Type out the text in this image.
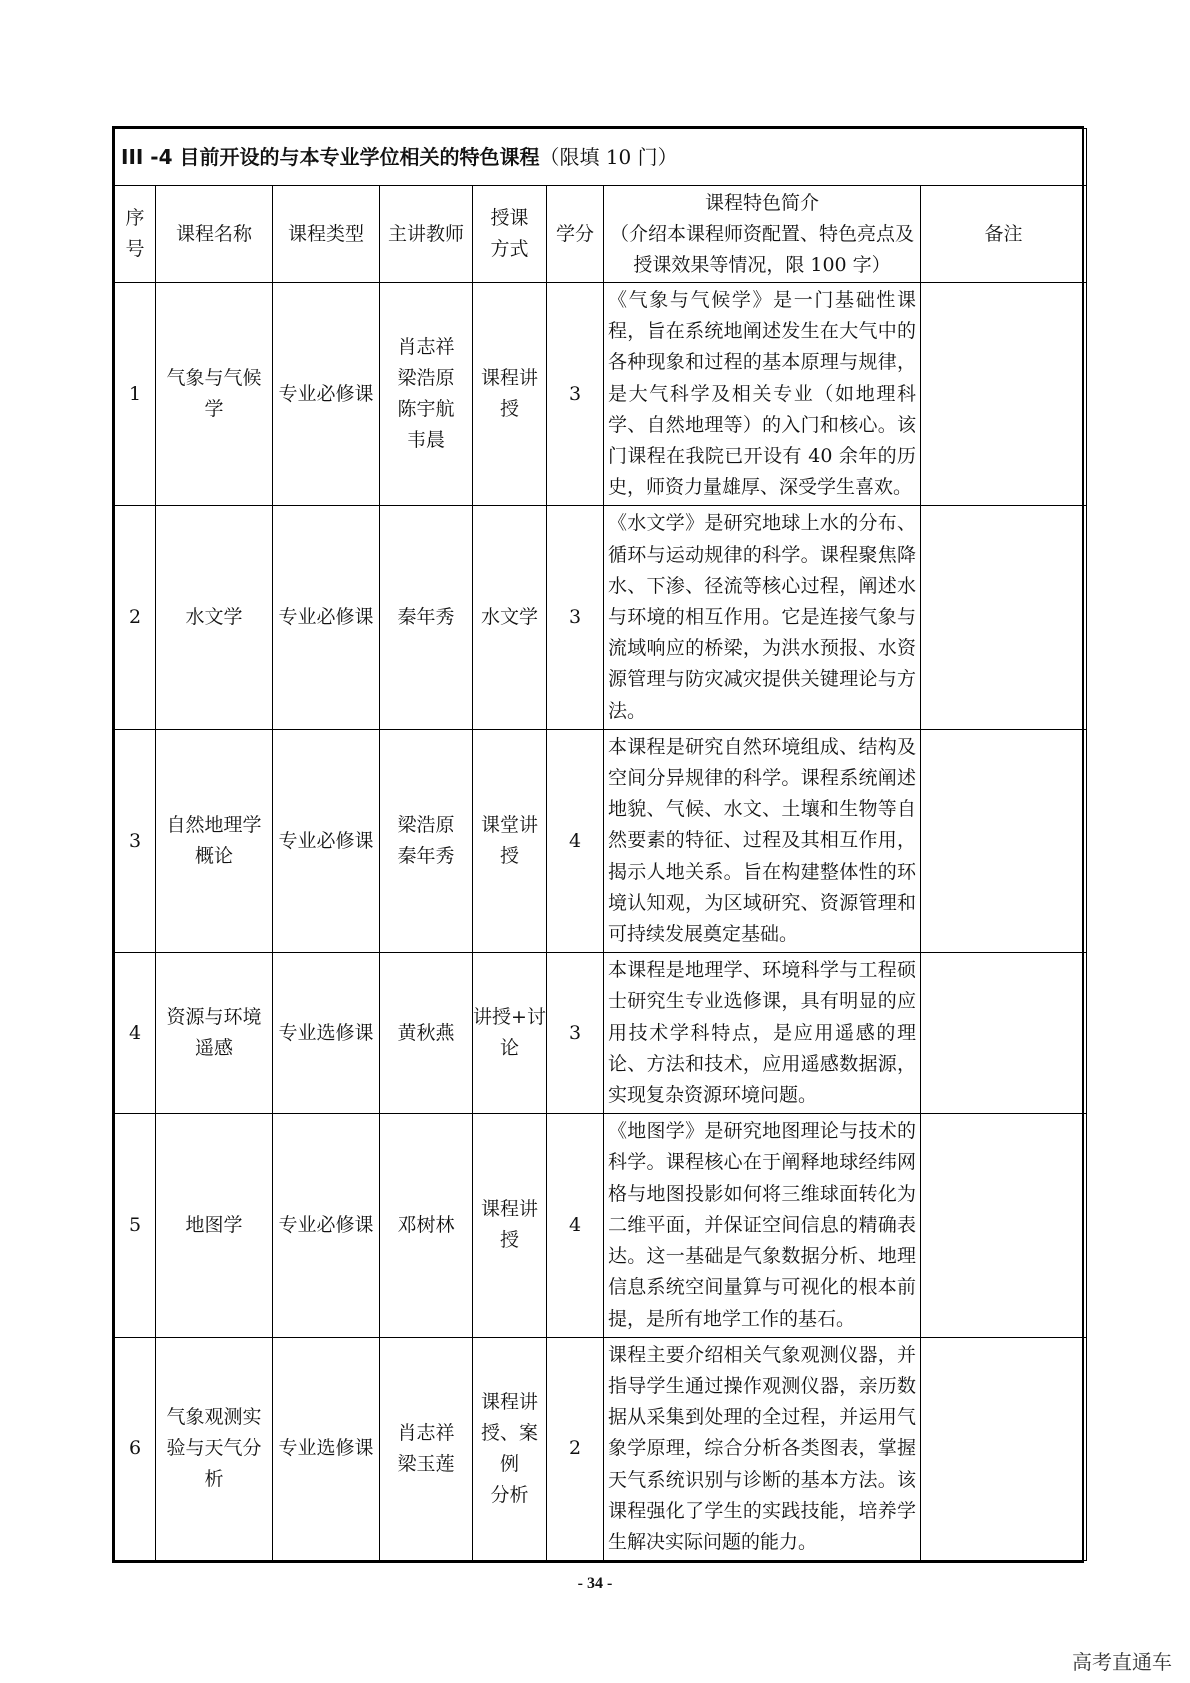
III -4 目前开设的与本专业学位相关的特色课程（限填 10 门）							

序
号	课程名称	课程类型	主讲教师	授课
方式	学分	课程特色简介
（介绍本课程师资配置、特色亮点及
授课效果等情况，限 100 字）	备注
1	气象与气候
学	专业必修课	肖志祥
梁浩原
陈宇航
韦晨	课程讲
授	3	《气象与气候学》是一门基础性课程，旨在系统地阐述发生在大气中的各种现象和过程的基本原理与规律，是大气科学及相关专业（如地理科学、自然地理等）的入门和核心。该门课程在我院已开设有 40 余年的历史，师资力量雄厚、深受学生喜欢。	
2	水文学	专业必修课	秦年秀	水文学	3	《水文学》是研究地球上水的分布、循环与运动规律的科学。课程聚焦降水、下渗、径流等核心过程，阐述水与环境的相互作用。它是连接气象与流域响应的桥梁，为洪水预报、水资源管理与防灾减灾提供关键理论与方法。	
3	自然地理学
概论	专业必修课	梁浩原
秦年秀	课堂讲
授	4	本课程是研究自然环境组成、结构及空间分异规律的科学。课程系统阐述地貌、气候、水文、土壤和生物等自然要素的特征、过程及其相互作用，揭示人地关系。旨在构建整体性的环境认知观，为区域研究、资源管理和可持续发展奠定基础。	
4	资源与环境
遥感	专业选修课	黄秋燕	讲授+讨
论	3	本课程是地理学、环境科学与工程硕士研究生专业选修课，具有明显的应用技术学科特点，是应用遥感的理论、方法和技术，应用遥感数据源，实现复杂资源环境问题。	
5	地图学	专业必修课	邓树林	课程讲
授	4	《地图学》是研究地图理论与技术的科学。课程核心在于阐释地球经纬网格与地图投影如何将三维球面转化为二维平面，并保证空间信息的精确表达。这一基础是气象数据分析、地理信息系统空间量算与可视化的根本前提，是所有地学工作的基石。	
6	气象观测实
验与天气分
析	专业选修课	肖志祥
梁玉莲	课程讲
授、案例
分析	2	课程主要介绍相关气象观测仪器，并指导学生通过操作观测仪器，亲历数据从采集到处理的全过程，并运用气象学原理，综合分析各类图表，掌握天气系统识别与诊断的基本方法。该课程强化了学生的实践技能，培养学生解决实际问题的能力。	
- 34 -
高考直通车
